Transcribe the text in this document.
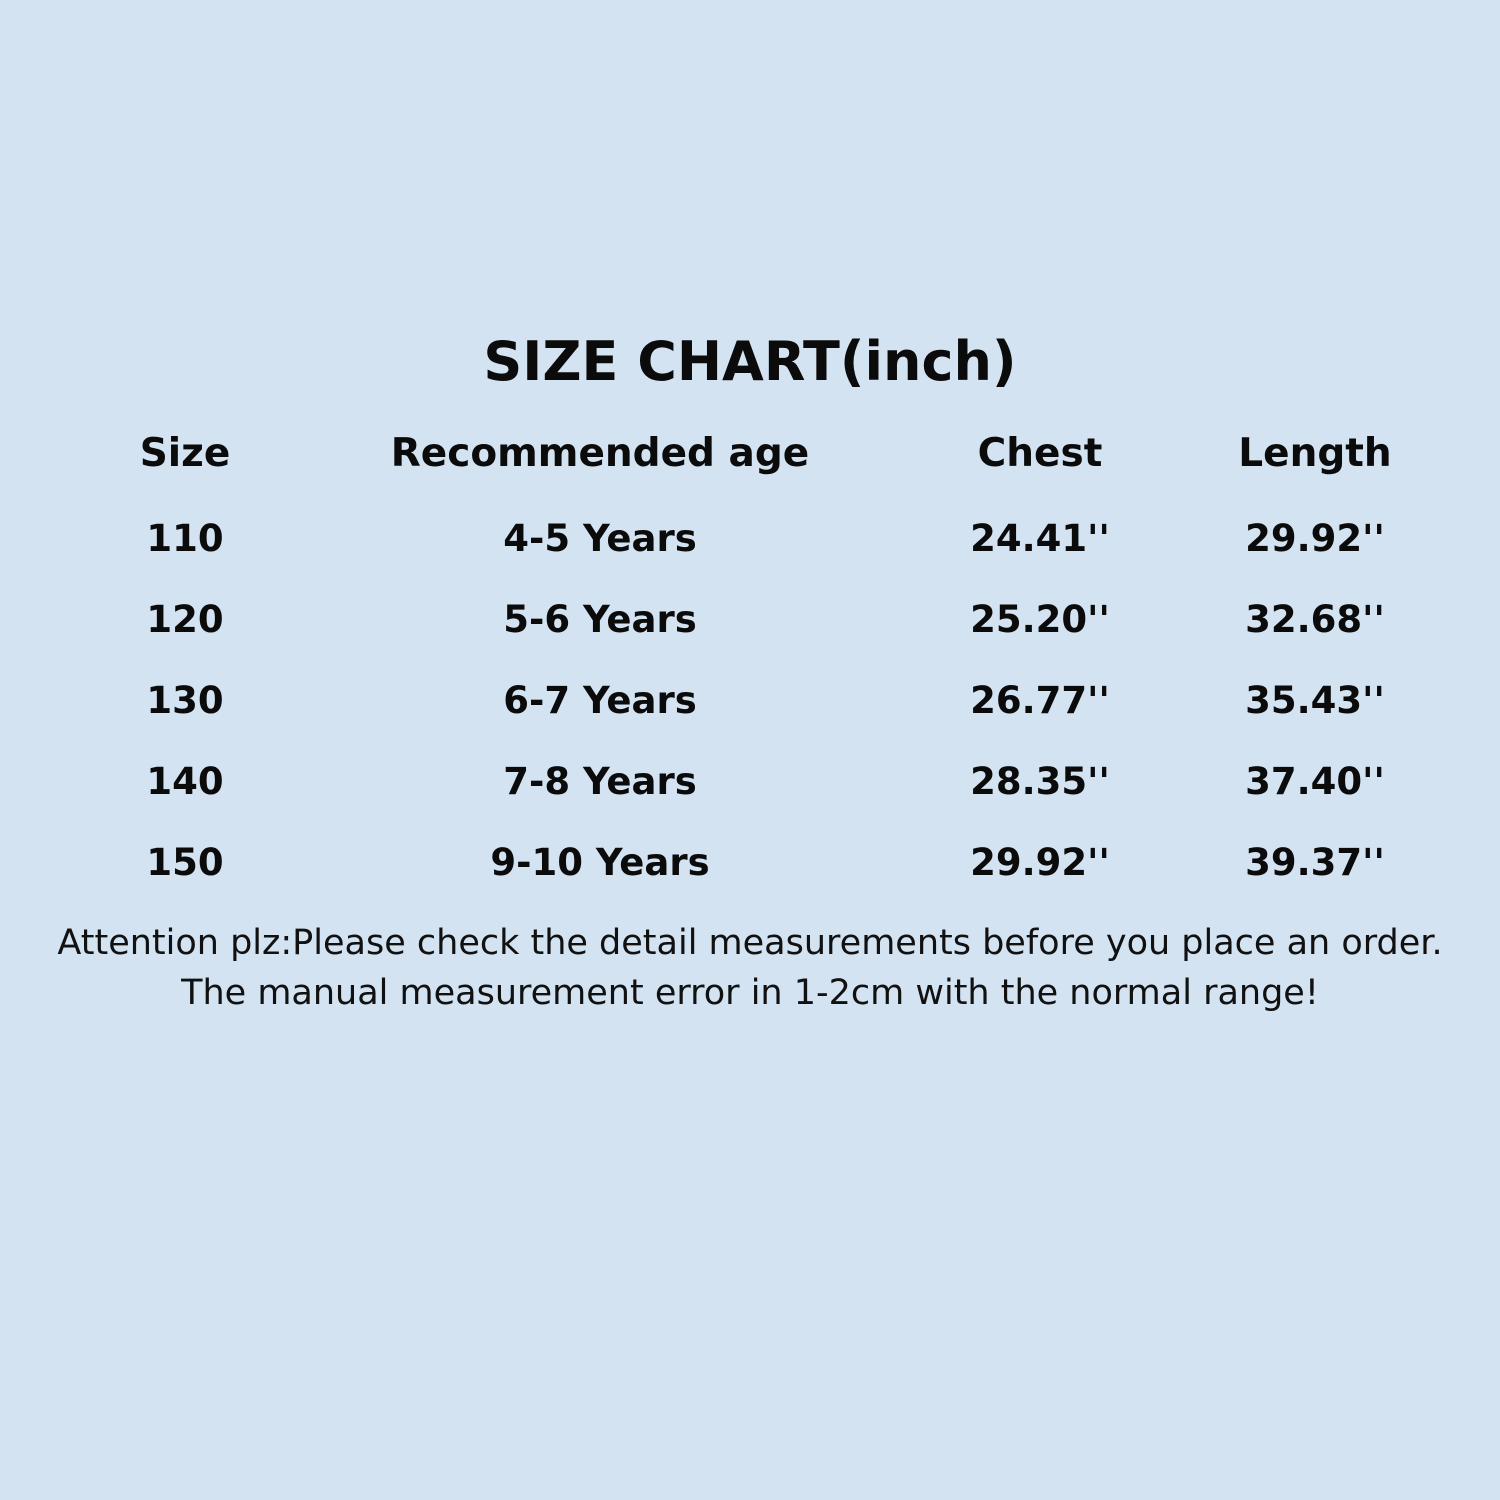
SIZE CHART(inch)
Size	Recommended age	Chest	Length
110	4-5 Years	24.41''	29.92''
120	5-6 Years	25.20''	32.68''
130	6-7 Years	26.77''	35.43''
140	7-8 Years	28.35''	37.40''
150	9-10 Years	29.92''	39.37''
Attention plz:Please check the detail measurements before you place an order.
The manual measurement error in 1-2cm with the normal range!
